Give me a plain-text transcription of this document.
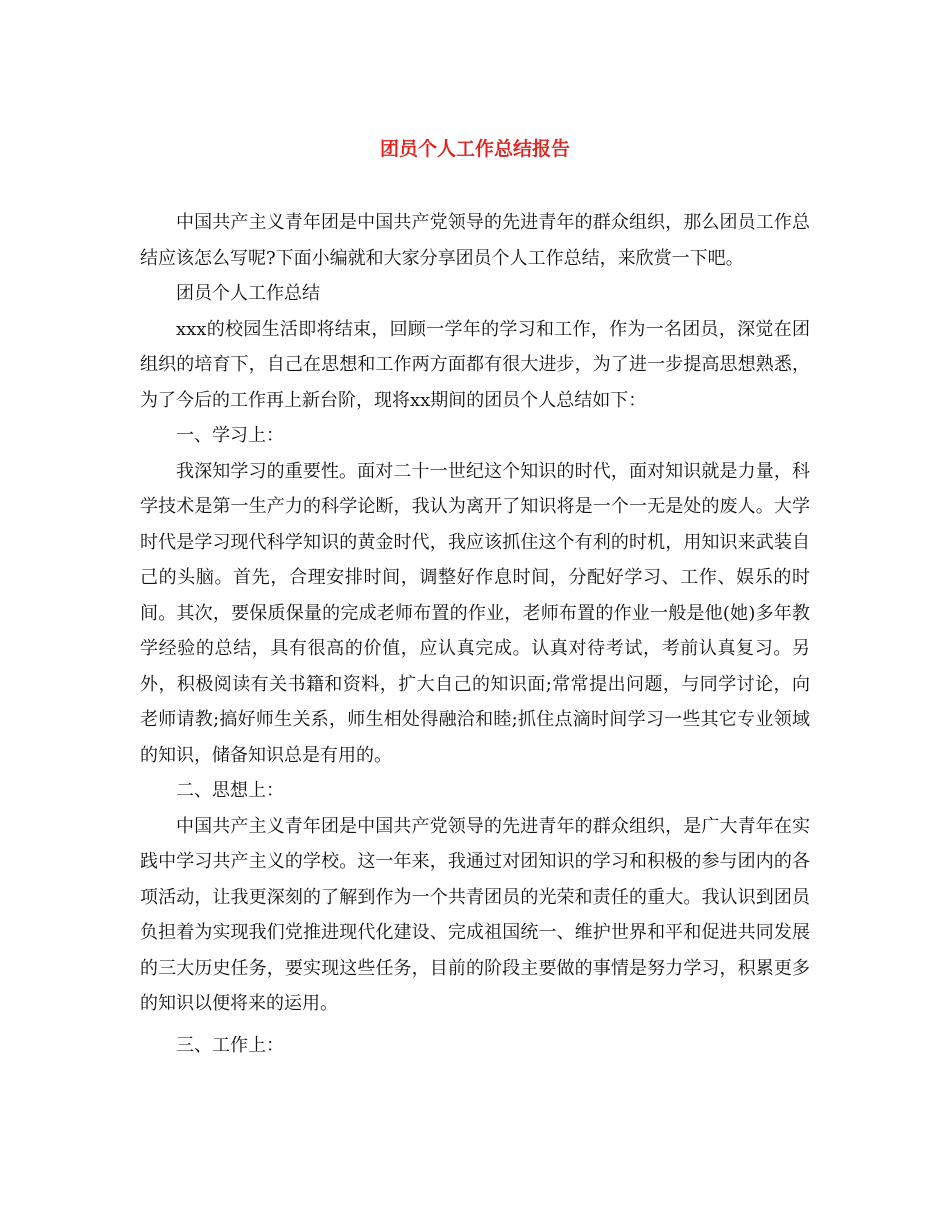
团员个人工作总结报告

中国共产主义青年团是中国共产党领导的先进青年的群众组织，那么团员工作总结应该怎么写呢?下面小编就和大家分享团员个人工作总结，来欣赏一下吧。

团员个人工作总结

xxx的校园生活即将结束，回顾一学年的学习和工作，作为一名团员，深觉在团组织的培育下，自己在思想和工作两方面都有很大进步，为了进一步提高思想熟悉，为了今后的工作再上新台阶，现将xx期间的团员个人总结如下：

一、学习上：

我深知学习的重要性。面对二十一世纪这个知识的时代，面对知识就是力量，科学技术是第一生产力的科学论断，我认为离开了知识将是一个一无是处的废人。大学时代是学习现代科学知识的黄金时代，我应该抓住这个有利的时机，用知识来武装自己的头脑。首先，合理安排时间，调整好作息时间，分配好学习、工作、娱乐的时间。其次，要保质保量的完成老师布置的作业，老师布置的作业一般是他(她)多年教学经验的总结，具有很高的价值，应认真完成。认真对待考试，考前认真复习。另外，积极阅读有关书籍和资料，扩大自己的知识面;常常提出问题，与同学讨论，向老师请教;搞好师生关系，师生相处得融洽和睦;抓住点滴时间学习一些其它专业领域的知识，储备知识总是有用的。

二、思想上：

中国共产主义青年团是中国共产党领导的先进青年的群众组织，是广大青年在实践中学习共产主义的学校。这一年来，我通过对团知识的学习和积极的参与团内的各项活动，让我更深刻的了解到作为一个共青团员的光荣和责任的重大。我认识到团员负担着为实现我们党推进现代化建设、完成祖国统一、维护世界和平和促进共同发展的三大历史任务，要实现这些任务，目前的阶段主要做的事情是努力学习，积累更多的知识以便将来的运用。

三、工作上：
